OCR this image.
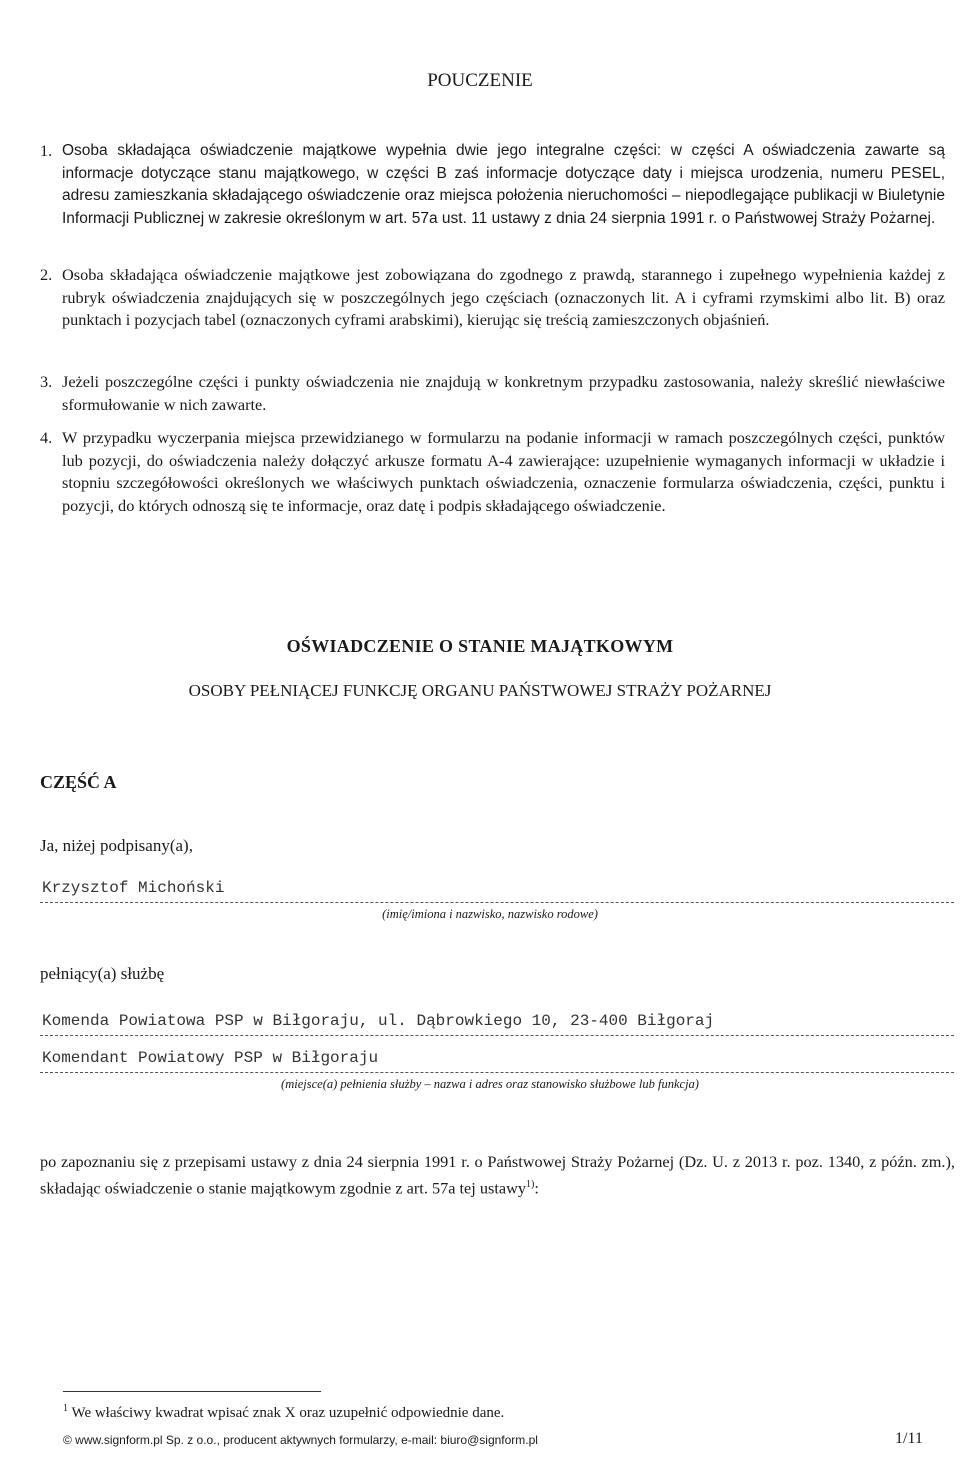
POUCZENIE
1. Osoba składająca oświadczenie majątkowe wypełnia dwie jego integralne części: w części A oświadczenia zawarte są informacje dotyczące stanu majątkowego, w części B zaś informacje dotyczące daty i miejsca urodzenia, numeru PESEL, adresu zamieszkania składającego oświadczenie oraz miejsca położenia nieruchomości – niepodlegające publikacji w Biuletynie Informacji Publicznej w zakresie określonym w art. 57a ust. 11 ustawy z dnia 24 sierpnia 1991 r. o Państwowej Straży Pożarnej.
2. Osoba składająca oświadczenie majątkowe jest zobowiązana do zgodnego z prawdą, starannego i zupełnego wypełnienia każdej z rubryk oświadczenia znajdujących się w poszczególnych jego częściach (oznaczonych lit. A i cyframi rzymskimi albo lit. B) oraz punktach i pozycjach tabel (oznaczonych cyframi arabskimi), kierując się treścią zamieszczonych objaśnień.
3. Jeżeli poszczególne części i punkty oświadczenia nie znajdują w konkretnym przypadku zastosowania, należy skreślić niewłaściwe sformułowanie w nich zawarte.
4. W przypadku wyczerpania miejsca przewidzianego w formularzu na podanie informacji w ramach poszczególnych części, punktów lub pozycji, do oświadczenia należy dołączyć arkusze formatu A-4 zawierające: uzupełnienie wymaganych informacji w układzie i stopniu szczegółowości określonych we właściwych punktach oświadczenia, oznaczenie formularza oświadczenia, części, punktu i pozycji, do których odnoszą się te informacje, oraz datę i podpis składającego oświadczenie.
OŚWIADCZENIE O STANIE MAJĄTKOWYM
OSOBY PEŁNIĄCEJ FUNKCJĘ ORGANU PAŃSTWOWEJ STRAŻY POŻARNEJ
CZĘŚĆ A
Ja, niżej podpisany(a),
Krzysztof Michoński
(imię/imiona i nazwisko, nazwisko rodowe)
pełniący(a) służbę
Komenda Powiatowa PSP w Biłgoraju, ul. Dąbrowkiego 10, 23-400 Biłgoraj
Komendant Powiatowy PSP w Biłgoraju
(miejsce(a) pełnienia służby – nazwa i adres oraz stanowisko służbowe lub funkcja)
po zapoznaniu się z przepisami ustawy z dnia 24 sierpnia 1991 r. o Państwowej Straży Pożarnej (Dz. U. z 2013 r. poz. 1340, z późn. zm.), składając oświadczenie o stanie majątkowym zgodnie z art. 57a tej ustawy$^{1)}$:
$^1$ We właściwy kwadrat wpisać znak X oraz uzupełnić odpowiednie dane.
© www.signform.pl Sp. z o.o., producent aktywnych formularzy, e-mail: biuro@signform.pl	1/11
